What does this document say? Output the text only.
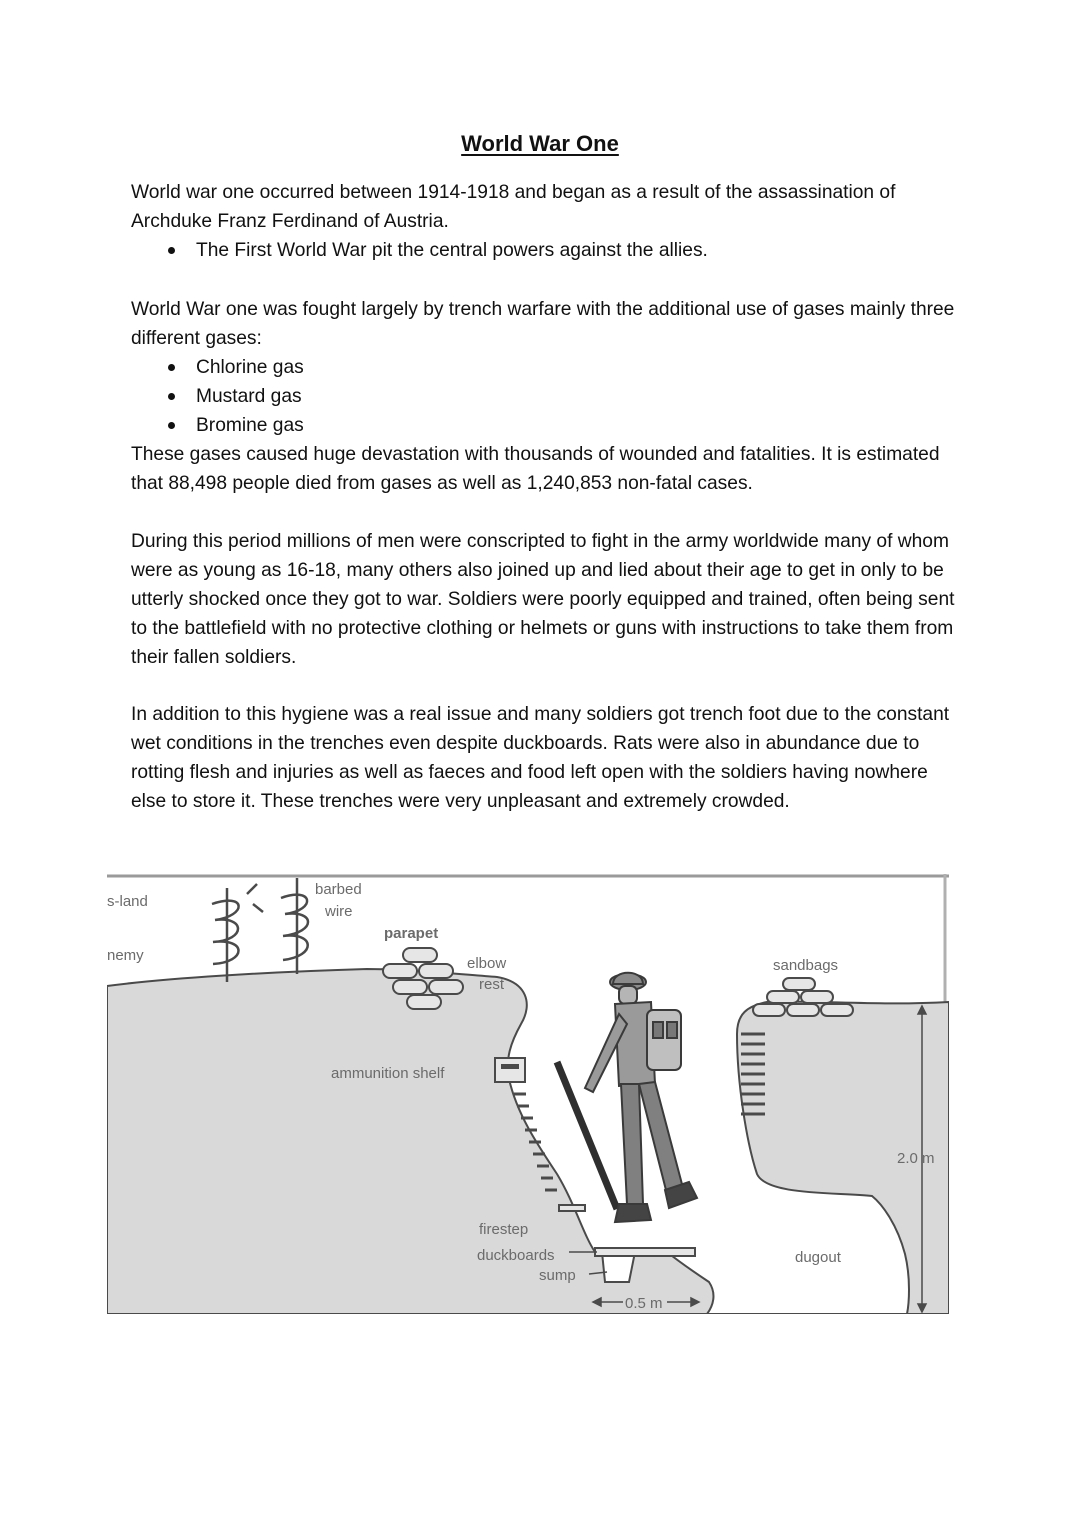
World War One

World war one occurred between 1914-1918 and began as a result of the assassination of Archduke Franz Ferdinand of Austria.

The First World War pit the central powers against the allies.

World War one was fought largely by trench warfare with the additional use of gases mainly three different gases:

Chlorine gas
Mustard gas
Bromine gas

These gases caused huge devastation with thousands of wounded and fatalities. It is estimated that 88,498 people died from gases as well as 1,240,853 non-fatal cases.

During this period millions of men were conscripted to fight in the army worldwide many of whom were as young as 16-18, many others also joined up and lied about their age to get in only to be utterly shocked once they got to war. Soldiers were poorly equipped and trained, often being sent to the battlefield with no protective clothing or helmets or guns with instructions to take them from their fallen soldiers.

In addition to this hygiene was a real issue and many soldiers got trench foot due to the constant wet conditions in the trenches even despite duckboards. Rats were also in abundance due to rotting flesh and injuries as well as faeces and food left open with the soldiers having nowhere else to store it. These trenches were very unpleasant and extremely crowded.

s-land
nemy
barbed
wire
parapet
elbow
rest
sandbags
ammunition shelf
2.0 m
firestep
duckboards
sump
0.5 m
dugout
